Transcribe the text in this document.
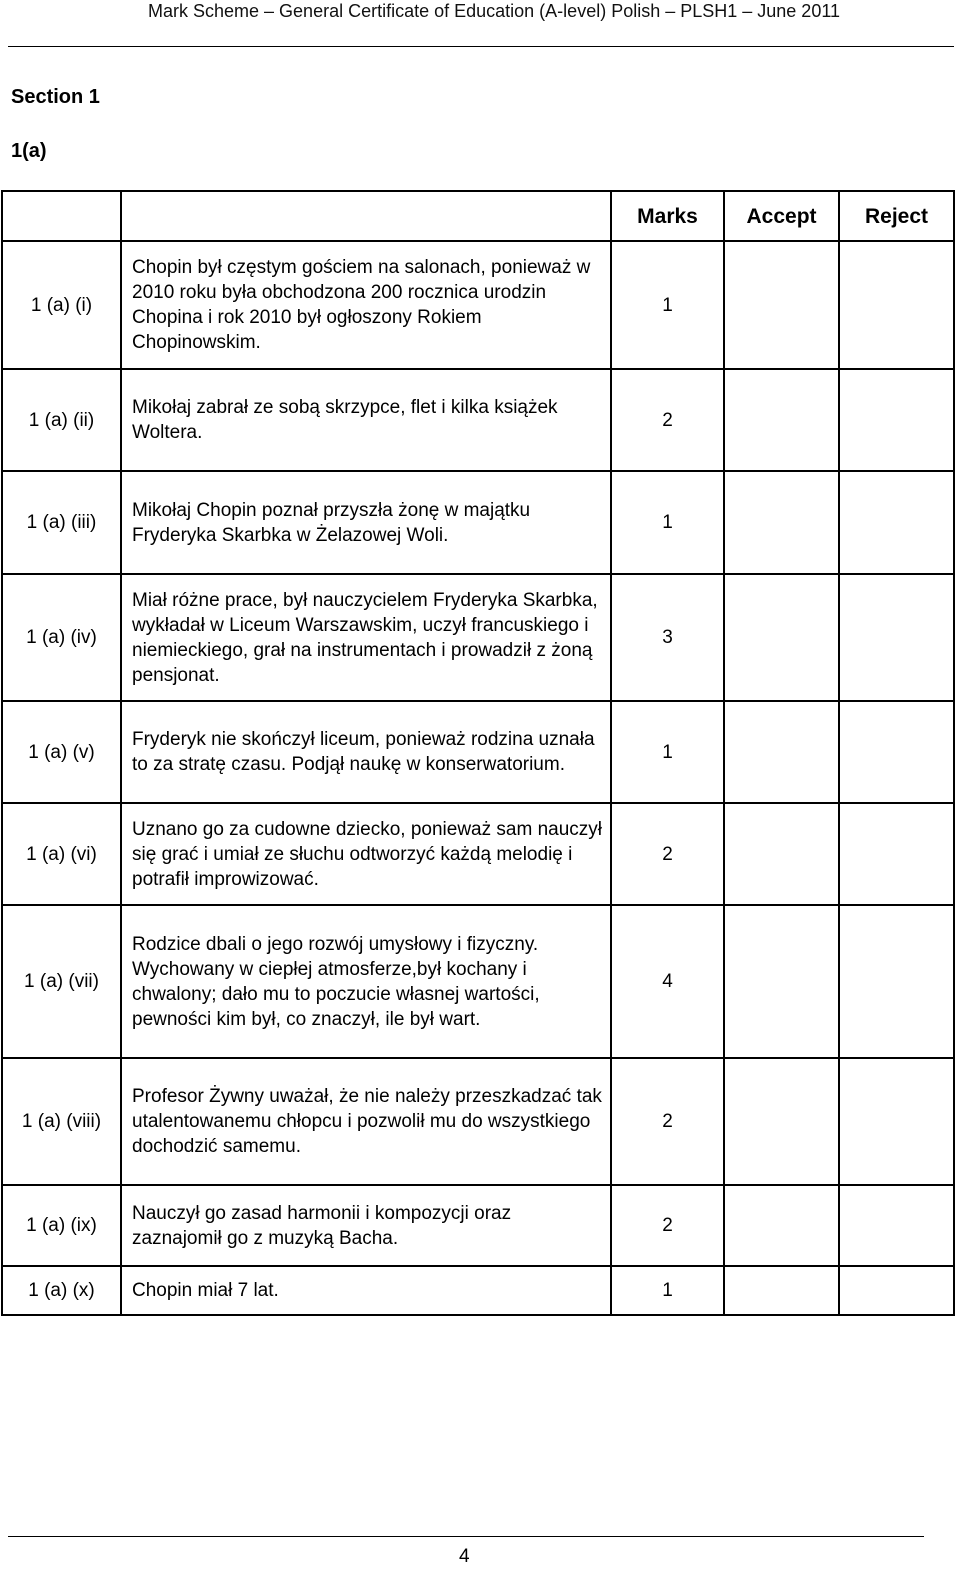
Mark Scheme – General Certificate of Education (A-level) Polish – PLSH1 – June 2011
Section 1
1(a)
		Marks	Accept	Reject
1 (a) (i)	Chopin był częstym gościem na salonach, ponieważ w 2010 roku była obchodzona 200 rocznica urodzin Chopina i rok 2010 był ogłoszony Rokiem Chopinowskim.	1		
1 (a) (ii)	Mikołaj zabrał ze sobą skrzypce, flet i kilka książek Woltera.	2		
1 (a) (iii)	Mikołaj Chopin poznał przyszła żonę w majątku Fryderyka Skarbka w Żelazowej Woli.	1		
1 (a) (iv)	Miał różne prace, był nauczycielem Fryderyka Skarbka, wykładał w Liceum Warszawskim, uczył francuskiego i niemieckiego, grał na instrumentach i prowadził z żoną pensjonat.	3		
1 (a) (v)	Fryderyk nie skończył liceum, ponieważ rodzina uznała to za stratę czasu. Podjął naukę w konserwatorium.	1		
1 (a) (vi)	Uznano go za cudowne dziecko, ponieważ sam nauczył się grać i umiał ze słuchu odtworzyć każdą melodię i potrafił improwizować.	2		
1 (a) (vii)	Rodzice dbali o jego rozwój umysłowy i fizyczny. Wychowany w ciepłej atmosferze,był kochany i chwalony; dało mu to poczucie własnej wartości, pewności kim był, co znaczył, ile był wart.	4		
1 (a) (viii)	Profesor Żywny uważał, że nie należy przeszkadzać tak utalentowanemu chłopcu i pozwolił mu do wszystkiego dochodzić samemu.	2		
1 (a) (ix)	Nauczył go zasad harmonii i kompozycji oraz zaznajomił go z muzyką Bacha.	2		
1 (a) (x)	Chopin miał 7 lat.	1		
4
